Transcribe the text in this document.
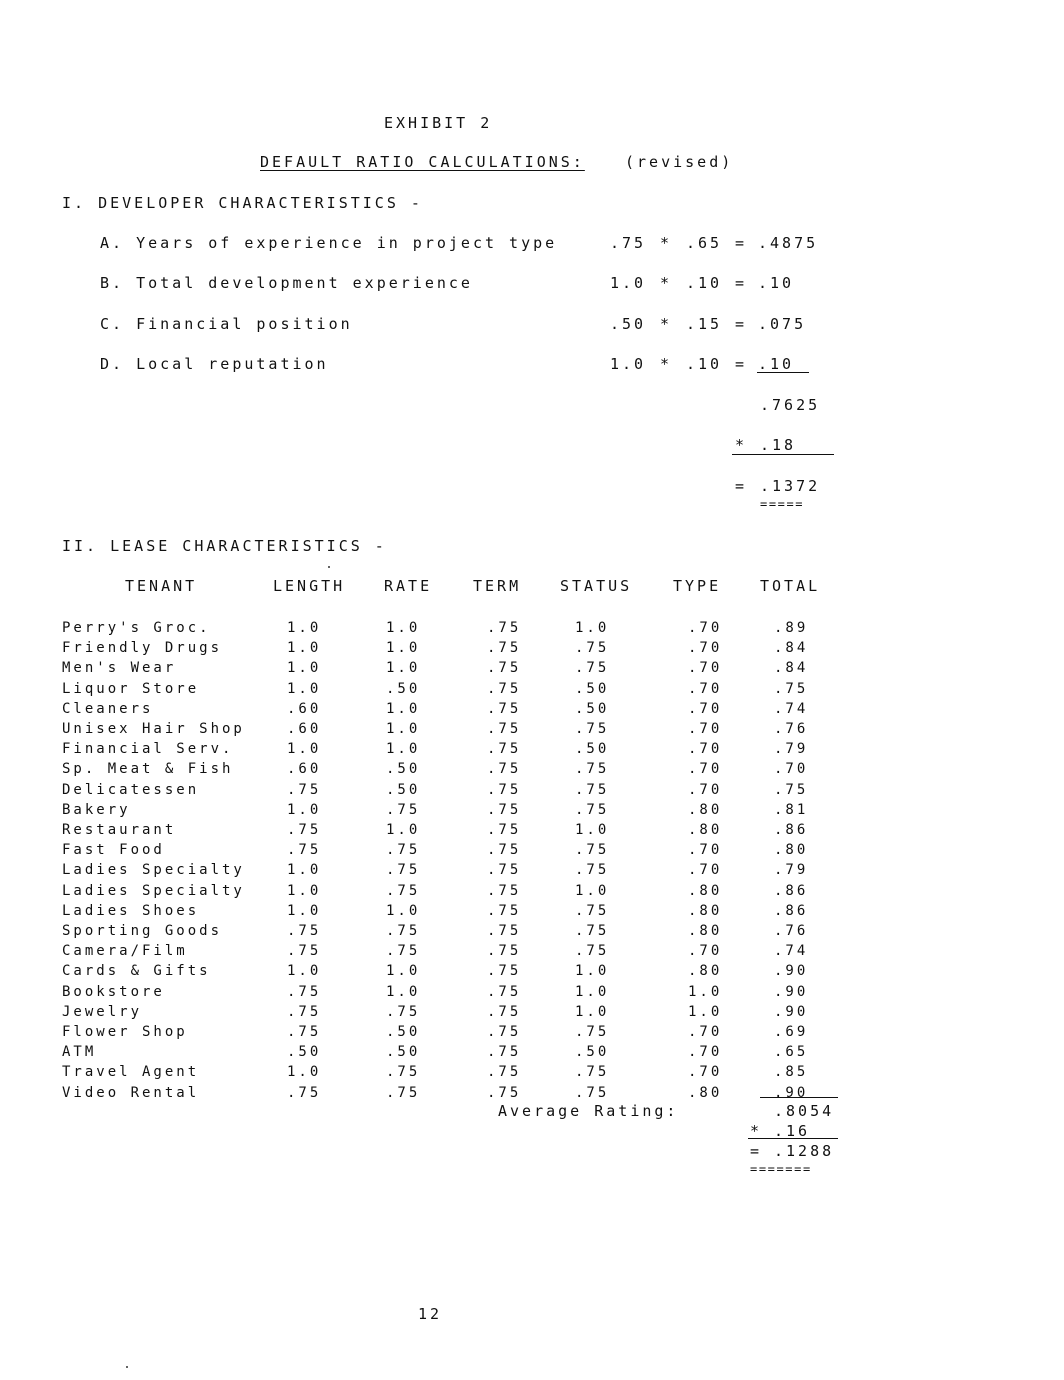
EXHIBIT 2
DEFAULT RATIO CALCULATIONS:	(revised)
I. DEVELOPER CHARACTERISTICS -
A. Years of experience in project type	.75 * .65 = .4875
B. Total development experience	1.0 * .10 = .10
C. Financial position	.50 * .15 = .075
D. Local reputation	1.0 * .10 = .10
.7625
* .18
= .1372
=====
II. LEASE CHARACTERISTICS -
TENANT	LENGTH	RATE	TERM	STATUS	TYPE	TOTAL
Perry's Groc.	1.0	1.0	.75	1.0	.70	.89
Friendly Drugs	1.0	1.0	.75	.75	.70	.84
Men's Wear	1.0	1.0	.75	.75	.70	.84
Liquor Store	1.0	.50	.75	.50	.70	.75
Cleaners	.60	1.0	.75	.50	.70	.74
Unisex Hair Shop	.60	1.0	.75	.75	.70	.76
Financial Serv.	1.0	1.0	.75	.50	.70	.79
Sp. Meat & Fish	.60	.50	.75	.75	.70	.70
Delicatessen	.75	.50	.75	.75	.70	.75
Bakery	1.0	.75	.75	.75	.80	.81
Restaurant	.75	1.0	.75	1.0	.80	.86
Fast Food	.75	.75	.75	.75	.70	.80
Ladies Specialty	1.0	.75	.75	.75	.70	.79
Ladies Specialty	1.0	.75	.75	1.0	.80	.86
Ladies Shoes	1.0	1.0	.75	.75	.80	.86
Sporting Goods	.75	.75	.75	.75	.80	.76
Camera/Film	.75	.75	.75	.75	.70	.74
Cards & Gifts	1.0	1.0	.75	1.0	.80	.90
Bookstore	.75	1.0	.75	1.0	1.0	.90
Jewelry	.75	.75	.75	1.0	1.0	.90
Flower Shop	.75	.50	.75	.75	.70	.69
ATM	.50	.50	.75	.50	.70	.65
Travel Agent	1.0	.75	.75	.75	.70	.85
Video Rental	.75	.75	.75	.75	.80	.90
Average Rating:	.8054
* .16
= .1288
=======
12
